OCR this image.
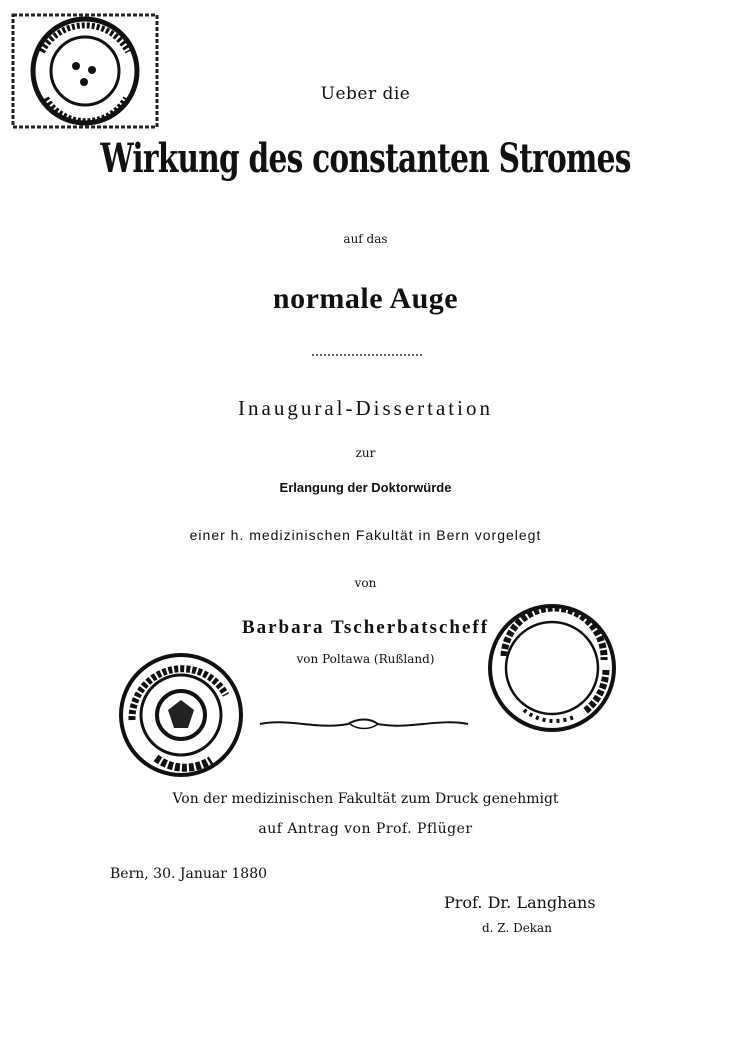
Ueber die
Wirkung des constanten Stromes
auf das
normale Auge
Inaugural-Dissertation
zur
Erlangung der Doktorwürde
einer h. medizinischen Fakultät in Bern vorgelegt
von
Barbara Tscherbatscheff
von Poltawa (Rußland)
Von der medizinischen Fakultät zum Druck genehmigt
auf Antrag von Prof. Pflüger
Bern, 30. Januar 1880
Prof. Dr. Langhans
d. Z. Dekan
